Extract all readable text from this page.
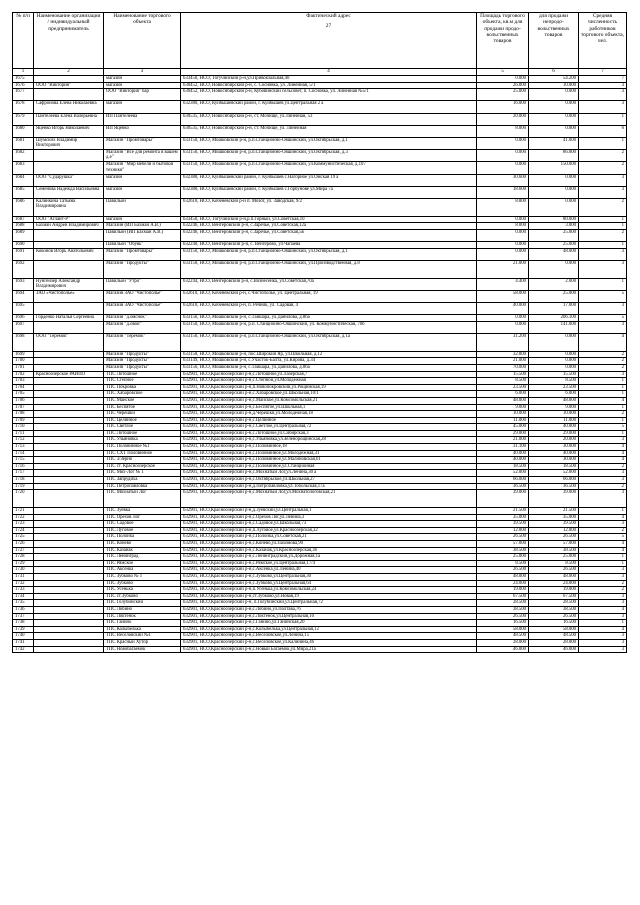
№ п/п	Наименование организации / индивидуальный предприниматель	Наименование торгового объекта	Фактический адрес
27	Площадь торгового объекта, кв.м для продажи продо-вольственных товаров	для продажи непродо-вольственных товаров	Средняя численность работников торгового объекта, чел.
1	2	3	4	5	6	7
1675		магазин	633450, НСО, Тогучинский р-н,ул.Привокзальная,40	0.000	54.200	7
1676	ООО "Виктория"	магазин	630452, НСО, Новосибирский р-н, с. Сосновка, ул. Линейная, 5/1	26.000	10.000	3
1677		ООО "Виктория" бар	630452, НСО, Новосибирский р-н, Кубовинский сельсовет, п. Сосновка, ул. Линейная №5/1	25.000	0.000	3
1678	Сафронова Елена Николаевна	магазин	632380, НСО, Куйбышевский район, г. Куйбышев ул.Центральная 2 а	16.000	0.000	3
1679	Пантелеева Елена Валерьевна	ИП Пантелеева	630535, НСО, Новосибирский р-н, ст. Мочище, ул.Линейная, 53	20.000	0.000	1
1680	Яценко Игорь Николаевич	ИП Яценко	630535, НСО, Новосибирский р-н, ст. Мочище, ул. Линейная	8.000	0.000	6
1681	Шумских Владимир Викторович	Магазин "Промтовары"	633150, НСО, Мошковский р-н, р.п.Станционно-Ояшинский, ул.Октябрьская, д.1	0.000	41.000	1
1682		Магазин "Все для ремонта в вашем д.е"	633150, НСО, Мошковский р-н, р.п.Станционно-Ояшинский, ул.Октябрьская, д.3	0.000	86.000	2
1683		Магазин "Мир мебели и бытовой техники"	633150, НСО, Мошковский р-н, р.п.Станционно-Ояшинский, ул.Коммунистическая, д.107	0.000	150.000	2
1684	ООО "Сударушка"	магазин	632380, НСО, Куйбышевский район, г. Куйбышев с.Нагорное ул.Омская 19 а	30.600	0.000	3
1685	Семенова Надежда Васильевна	магазин	632380, НСО, Куйбышевский район, г. Куйбышев с.Горбунове ул.Мира 7а	18.600	0.000	3
1686	Калинкина Татьяна Владимировна	Павильон	632610, НСО, Коченевский р-н п. Мозот, ул. Заводская, 9/2	8.800	0.000	2
1687	ООО "Атлант-Р"	магазин	633450, НСО, Тогучинский р-н,р.п.Горный, ул.Советская,10	0.000	80.000	1
1688	Бахман Андрей Владимирович	Магазин (ИП Бахман А.В.)	632246, НСО, Венгеровский р-н, с.Заречье, ул.Советская,12а	8.000	3.000	1
1689		Павильон (ИП Бахман А.В.)	632246, НСО, Венгеровский р-н, с.Заречье, ул.Советская,5в	0.000	25.000	2
1690		Павильон "Обувь"	632240, НСО, Венгеровский р-н, с. Венгерово, ул.Чапаева	0.000	25.000	1
1691	Коконов Игорь Анатольевич	Магазин "Промтовары"	633150, НСО, Мошковский р-н, р.п.Станционно-Ояшинский, ул.Октябрьская, д.1	0.000	48.000	3
1692		Магазин "Продукты"	633150, НСО, Мошковский р-н, р.п.Станционно-Ояшинский, ул.Производственная, д.8	21.000	0.000	3
1693	Нунгейзер Александр Владимирович	Павильон "Утро"	632244, НСО, Венгеровский р-н, с.Вознесенка, ул.Советская,70а	4.400	2.000	1
1694	ЗАО «Чистополье»	Магазин ЗАО "Чистополье"	632610, НСО, Коченевский р-н, с.Чистополье, ул. Центральная, 19	58.000	25.000	5
1695		Магазин ЗАО "Чистополье"	632610, НСО, Коченевский р-н, п. Речник, ул. Садовая, 4	40.000	17.000	3
1696	Горденко Наталья Сергеевна	Магазин "д.омснок"	633156, НСО, Мошковский р-н, с.Таишара, ул.Данилова, д.86а	0.000	206.100	5
1697		Магазин "д.овой"	633150, НСО, Мошковский р-н, р.п. Станционно-Ояшинский, ул. Коммунистическая, 70б	0.000	141.000	3
1698	ООО "Теремок"	Магазин "Теремок"	633150, НСО, Мошковский р-н, р.п.Станционно-Ояшинский, ул.Октябрьская, д.1а	31.200	0.000	4
1699		Магазин "Продукты"	633158, НСО, Мошковский р-н, пос.Широкий Яр, ул.Школьная, д.12	32.800	0.000	2
1700		Магазин "Продукты"	633149, НСО, Мошковский р-н, с.Участок-Балта, ул.Кирова, д.34	21.000	0.000	2
1701		Магазин "Продукты"	633156, НСО, Мошковский р-н, с.Таишара, ул.Данилова, д.86а	70.000	0.000	2
1702	Красноозерское РАЙПО	ТПС Лотошное	632901, НСО,Красноозерский р-н,с.Лотошное,ул.Лазерская,7	15.500	15.500	3
1703		ТПС Степное	632901, НСО,Красноозерский р-н,с.Степной,ул.Молодёжная	8.500	8.500	1
1704		ТПС Покровка	632901, НСО,Красноозерский р-н,п.Новопокровский,ул.Рощинская,19	23.500	23.500	1
1705		ТПС Хабаровское	632901, НСО,Красноозерский р-н,с.Хабаровское,ул.Школьная,10/1	6.000	6.000	1
1706		ТПС Майское	632901, НСО,Красноозерский р-н,с.Майское,ул.Комсомольская,21	48.000	48.000	4
1707		ТПС Беспятое	632901, НСО,Красноозерский р-н,с.Беспятое,ул.Школьная,1	9.000	9.000	1
1708		ТПС Черешки	632901, НСО,Красноозерский р-н,д.Черешки,ул.Молодёжная,18	10.000	10.000	2
1709		ТПС Целинное	632901, НСО,Красноозерский р-н,с.Целинное	11.000	11.000	1
1710		ТПС Светлое	632901, НСО,Красноозерский р-н,с.Светлое,ул.Центральная,72	45.000	40.000	5
1711		ТПС Лотошное	632901, НСО,Красноозерский р-н,с.Лотошное,ул.Сибирская,3	29.000	29.000	1
1712		ТПС Ульяновка	632901, НСО,Красноозерский р-н,с.Ульяновка,ул.Зеленорощинская,28	21.000	20.000	3
1713		ТПС Половинное №1	632901, НСО,Красноозерский р-н,с.Половинное,18	31.100	30.000	4
1714		ТПС СХТ Половинное	632901, НСО,Красноозерский р-н,с.Половинное,ул.Молодёжная,31	40.000	40.000	4
1715		ТПС 3/Зерно	632901, НСО,Красноозерский р-н,с.Половинное,ул.Малиновская,61	40.000	30.000	4
1716		ТПС ст. Красноозерское	632901, НСО,Красноозерский р-н,с.Половинное,ул.Станционная	18.500	18.500	2
1717		ТПС Мох-Лог № 1	632901, НСО,Красноозерский р-н,с.Мохнатый Лог,ул.Ленина,30 а	52.000	52.000	3
1718		ТПС Запрудиха	632901, НСО,Красноозерский р-н,с.Октябрьское,ул.Школьная,27	66.000	66.000	3
1719		ТПС Петропавловка	632901, НСО,Красноозерский р-н,д.Петропавловка,ул.Тобольская,17а	36.500	36.500	2
1720		ТПС Мохнатый Лог	632901, НСО,Красноозерский р-н,с.Мохнатый Лог,ул.Мохнатологовская,21	39.000	39.000	3
1721		ТПС Зуевка	632901, НСО,Красноозерский р-н,д.Зуевский,ул.Центральная,1	21.500	21.500	1
1722		ТПС Орехов Лог	632901, НСО,Красноозерский р-н,с.Орехов Лог,ул.Ленина,3	35.000	35.000	4
1723		ТПС Садовое	632901, НСО,Красноозерский р-н,с.Садовое,ул.Школьная,73	39.500	39.500	3
1724		ТПС Луговое	632901, НСО,Красноозерский р-н,п.Луговое,ул.Красноозерская,32	12.000	12.000	2
1725		ТПС Полойка	632901, НСО,Красноозерский р-н,с.Полойка,ул.Советская,21	26.500	26.500	5
1726		ТПС Конево	632901, НСО,Красноозерский р-н,с.Конево,ул.Пахомова,90	57.000	57.000	4
1727		ТПС Казанак	632901, НСО,Красноозерский р-н,с.Казанак,ул.Красноозерская,36	38.500	38.500	4
1728		ТПС Ленинград	632901, НСО,Красноозерский р-н,с.Ленинградский,ул.Дорожная,1а	25.000	25.000	1
1729		ТПС Рямское	632901, НСО,Красноозерский р-н,с.Рямское,ул.Центральная,17/4	8.500	8.500	1
1730		ТПС Аксёнка	632901, НСО,Красноозерский р-н,с.Аксёнка,ул.Ленина,40	26.500	26.500	3
1731		ТПС Зубково № 1	632901, НСО,Красноозерский р-н,с.Зубково,ул.Центральная,30	48.000	48.000	3
1732		ТПС Зубково	632901, НСО,Красноозерский р-н,с.Зубково,ул.Центральная,64	24.000	24.000	2
1733		ТПС Усенька	632901, НСО,Красноозерский р-н,п.Усенька,ул.Комсомольская,24	19.000	19.000	2
1734		ТПС ст.Зубково	632901, НСО,Красноозерский р-н,ст.Зубково,ул.Новая,19	67.500	67.500	3
1735		ТПС Голубинский	632901, НСО,Красноозерский р-н, п.Голубинский,ул.Центральная,72	28.500	28.500	3
1736		ТПС Лобино	632901, НСО,Красноозерский р-н,с.Лобино,ул.Полтава,76	38.500	38.500	4
1737		ТПС Локтёнок	632901, НСО,Красноозерский р-н,с.Локтёнок,ул.Центральная,10	26.500	26.500	3
1738		ТПС Ганино	632901, НСО,Красноозерский р-н,с.Ганино,ул.Ганинская,20	16.500	16.500	1
1739		ТПС Колыбелька	632901, НСО,Красноозерский р-н,с.Колыбелька,ул.Центральная,12	58.000	58.000	4
1740		ТПС Веселовский №1	632901, НСО,Красноозерский р-н,с.Веселовское,ул.Ленина,15	48.500	48.500	3
1741		ТПС Красный Хутор	632901, НСО,Красноозерский р-н,с.Веселовское,ул.Калинина,46	28.000	28.000	3
1742		ТПС Новобагаёмок	632901, НСО,Красноозерский р-н,с.Новый Багаёмок,ул.Мира,21а	46.000	46.000	3
